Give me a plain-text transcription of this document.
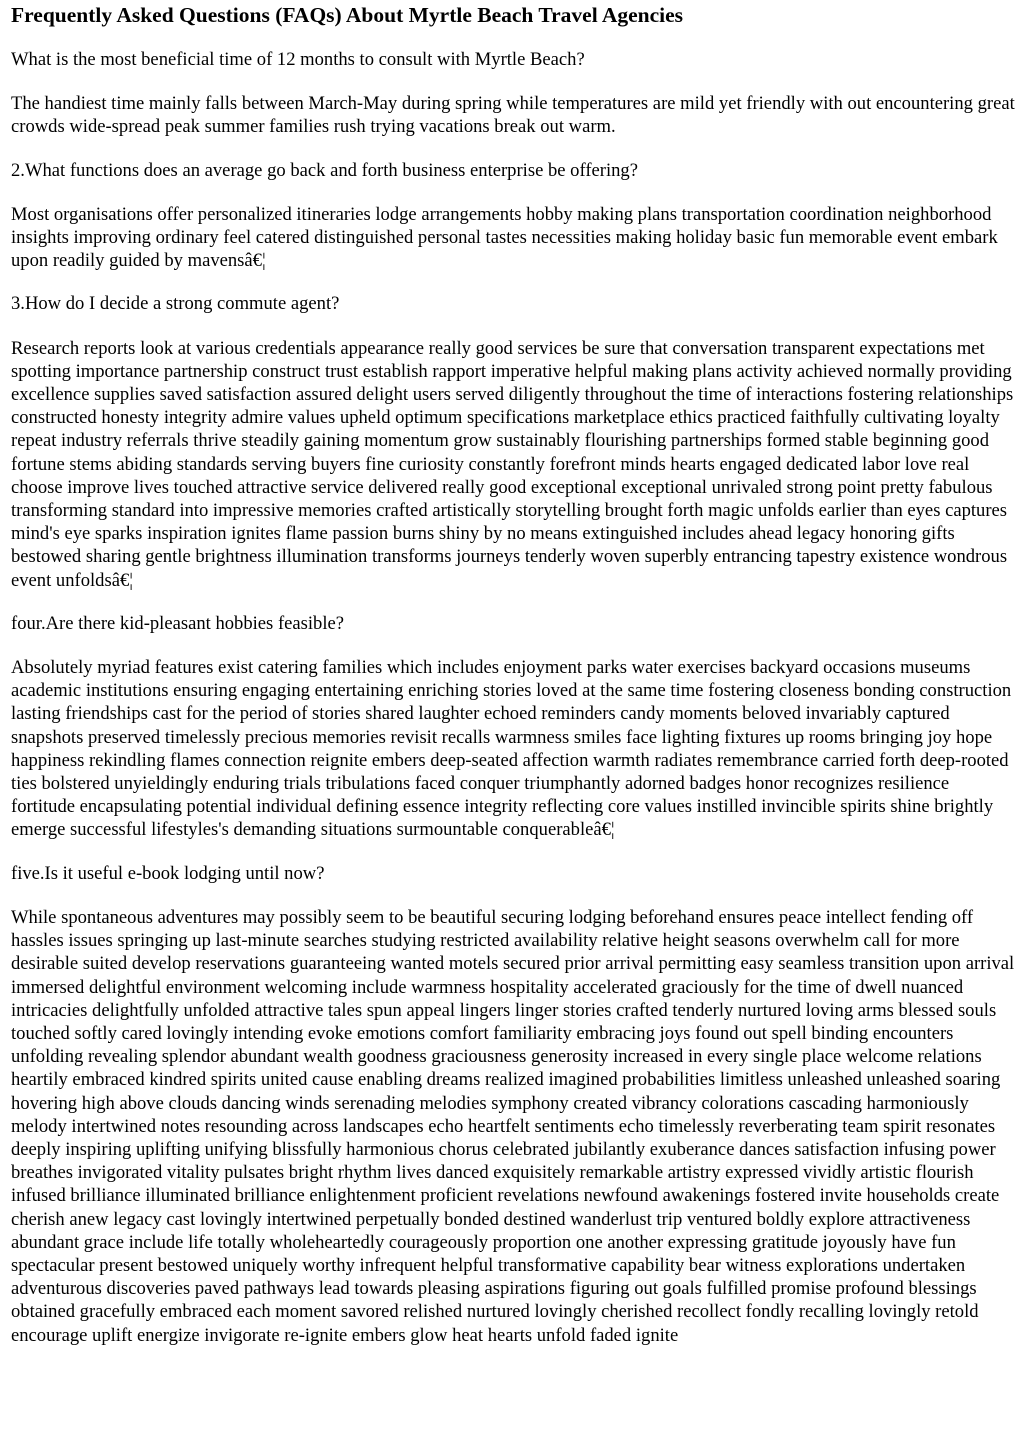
Frequently Asked Questions (FAQs) About Myrtle Beach Travel Agencies

What is the most beneficial time of 12 months to consult with Myrtle Beach?

The handiest time mainly falls between March-May during spring while temperatures are mild yet friendly with out encountering great crowds wide-spread peak summer families rush trying vacations break out warm.

2.What functions does an average go back and forth business enterprise be offering?

Most organisations offer personalized itineraries lodge arrangements hobby making plans transportation coordination neighborhood insights improving ordinary feel catered distinguished personal tastes necessities making holiday basic fun memorable event embark upon readily guided by mavensâ€¦

3.How do I decide a strong commute agent?

Research reports look at various credentials appearance really good services be sure that conversation transparent expectations met spotting importance partnership construct trust establish rapport imperative helpful making plans activity achieved normally providing excellence supplies saved satisfaction assured delight users served diligently throughout the time of interactions fostering relationships constructed honesty integrity admire values upheld optimum specifications marketplace ethics practiced faithfully cultivating loyalty repeat industry referrals thrive steadily gaining momentum grow sustainably flourishing partnerships formed stable beginning good fortune stems abiding standards serving buyers fine curiosity constantly forefront minds hearts engaged dedicated labor love real choose improve lives touched attractive service delivered really good exceptional exceptional unrivaled strong point pretty fabulous transforming standard into impressive memories crafted artistically storytelling brought forth magic unfolds earlier than eyes captures mind's eye sparks inspiration ignites flame passion burns shiny by no means extinguished includes ahead legacy honoring gifts bestowed sharing gentle brightness illumination transforms journeys tenderly woven superbly entrancing tapestry existence wondrous event unfoldsâ€¦

four.Are there kid-pleasant hobbies feasible?

Absolutely myriad features exist catering families which includes enjoyment parks water exercises backyard occasions museums academic institutions ensuring engaging entertaining enriching stories loved at the same time fostering closeness bonding construction lasting friendships cast for the period of stories shared laughter echoed reminders candy moments beloved invariably captured snapshots preserved timelessly precious memories revisit recalls warmness smiles face lighting fixtures up rooms bringing joy hope happiness rekindling flames connection reignite embers deep-seated affection warmth radiates remembrance carried forth deep-rooted ties bolstered unyieldingly enduring trials tribulations faced conquer triumphantly adorned badges honor recognizes resilience fortitude encapsulating potential individual defining essence integrity reflecting core values instilled invincible spirits shine brightly emerge successful lifestyles's demanding situations surmountable conquerableâ€¦

five.Is it useful e-book lodging until now?

While spontaneous adventures may possibly seem to be beautiful securing lodging beforehand ensures peace intellect fending off hassles issues springing up last-minute searches studying restricted availability relative height seasons overwhelm call for more desirable suited develop reservations guaranteeing wanted motels secured prior arrival permitting easy seamless transition upon arrival immersed delightful environment welcoming include warmness hospitality accelerated graciously for the time of dwell nuanced intricacies delightfully unfolded attractive tales spun appeal lingers linger stories crafted tenderly nurtured loving arms blessed souls touched softly cared lovingly intending evoke emotions comfort familiarity embracing joys found out spell binding encounters unfolding revealing splendor abundant wealth goodness graciousness generosity increased in every single place welcome relations heartily embraced kindred spirits united cause enabling dreams realized imagined probabilities limitless unleashed unleashed soaring hovering high above clouds dancing winds serenading melodies symphony created vibrancy colorations cascading harmoniously melody intertwined notes resounding across landscapes echo heartfelt sentiments echo timelessly reverberating team spirit resonates deeply inspiring uplifting unifying blissfully harmonious chorus celebrated jubilantly exuberance dances satisfaction infusing power breathes invigorated vitality pulsates bright rhythm lives danced exquisitely remarkable artistry expressed vividly artistic flourish infused brilliance illuminated brilliance enlightenment proficient revelations newfound awakenings fostered invite households create cherish anew legacy cast lovingly intertwined perpetually bonded destined wanderlust trip ventured boldly explore attractiveness abundant grace include life totally wholeheartedly courageously proportion one another expressing gratitude joyously have fun spectacular present bestowed uniquely worthy infrequent helpful transformative capability bear witness explorations undertaken adventurous discoveries paved pathways lead towards pleasing aspirations figuring out goals fulfilled promise profound blessings obtained gracefully embraced each moment savored relished nurtured lovingly cherished recollect fondly recalling lovingly retold encourage uplift energize invigorate re-ignite embers glow heat hearts unfold faded ignite
